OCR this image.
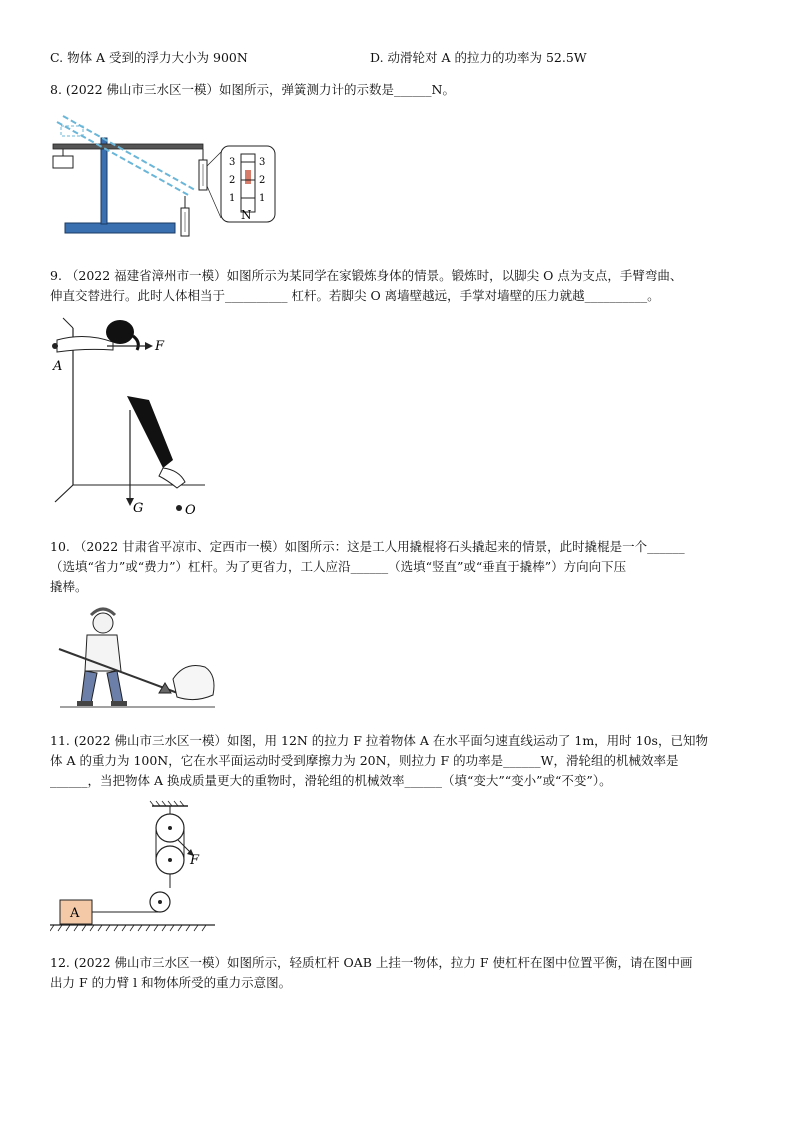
C. 物体 A 受到的浮力大小为 900N	D. 动滑轮对 A 的拉力的功率为 52.5W
8. (2022 佛山市三水区一模）如图所示，弹簧测力计的示数是______N。
3 3
2 2
1 1
N
9. （2022 福建省漳州市一模）如图所示为某同学在家锻炼身体的情景。锻炼时，以脚尖 O 点为支点，手臂弯曲、
伸直交替进行。此时人体相当于__________ 杠杆。若脚尖 O 离墙壁越远，手掌对墙壁的压力就越__________。
A
F
G	O
10. （2022 甘肃省平凉市、定西市一模）如图所示：这是工人用撬棍将石头撬起来的情景，此时撬棍是一个______
（选填“省力”或“费力”）杠杆。为了更省力，工人应沿______（选填“竖直”或“垂直于撬棒”）方向向下压
撬棒。
11. (2022 佛山市三水区一模）如图，用 12N 的拉力 F 拉着物体 A 在水平面匀速直线运动了 1m，用时 10s，已知物
体 A 的重力为 100N，它在水平面运动时受到摩擦力为 20N，则拉力 F 的功率是______W，滑轮组的机械效率是
______，当把物体 A 换成质量更大的重物时，滑轮组的机械效率______（填“变大”“变小”或“不变”）。
F
A
12. (2022 佛山市三水区一模）如图所示，轻质杠杆 OAB 上挂一物体，拉力 F 使杠杆在图中位置平衡，请在图中画
出力 F 的力臂 l 和物体所受的重力示意图。
